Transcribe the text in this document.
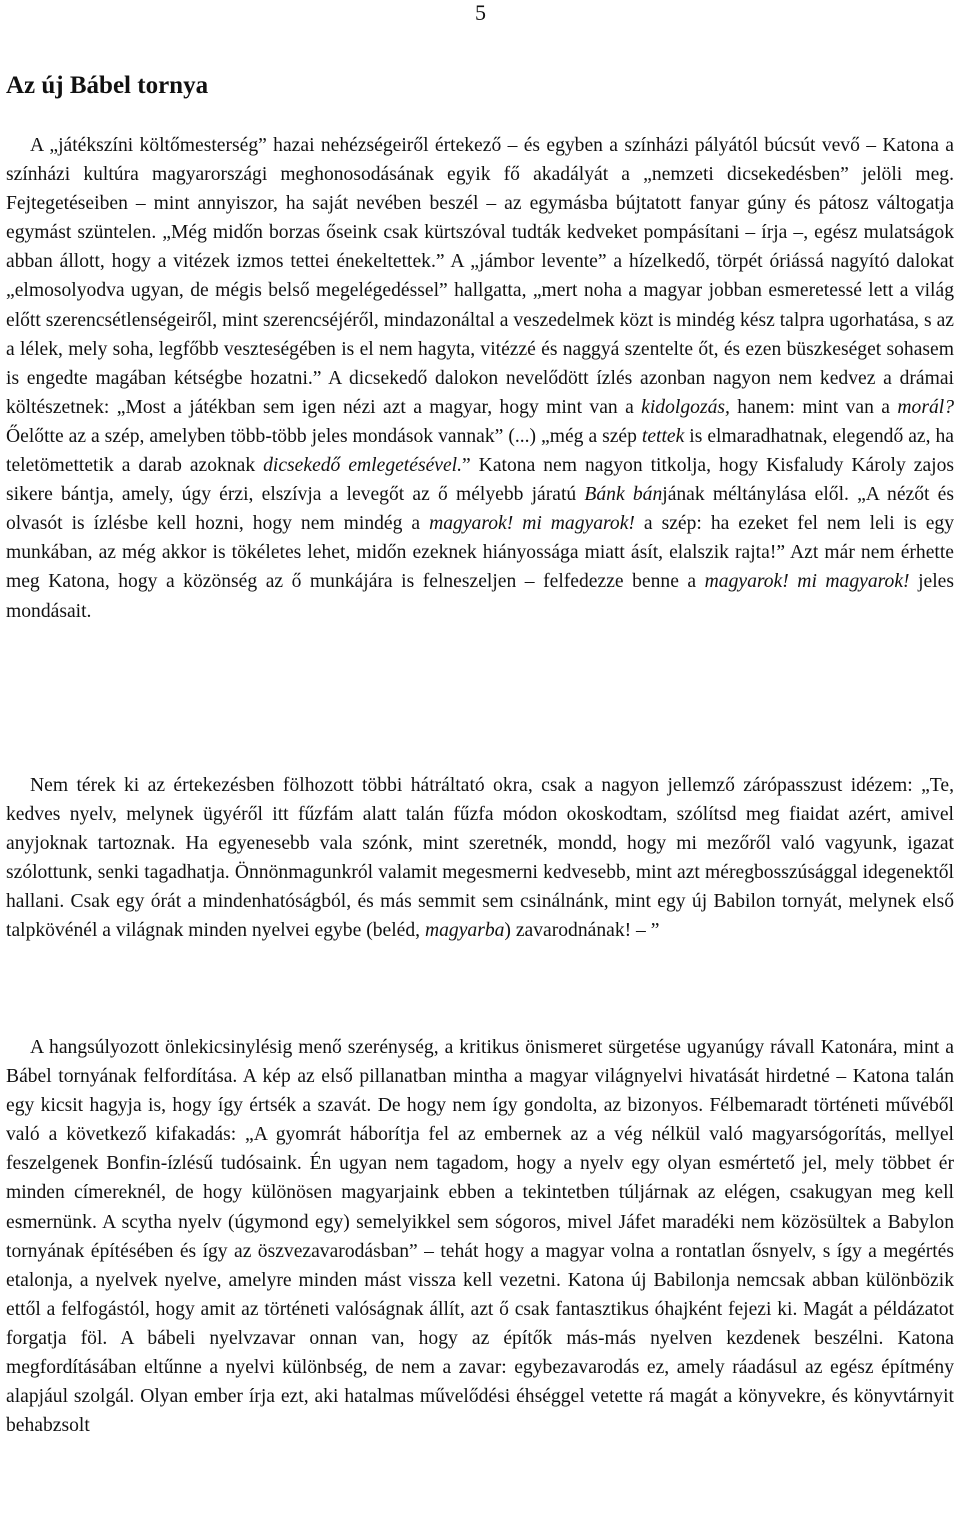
5
Az új Bábel tornya

A „játékszíni költőmesterség” hazai nehézségeiről értekező – és egyben a színházi pályától búcsút vevő – Katona a színházi kultúra magyarországi meghonosodásának egyik fő akadályát a „nemzeti dicsekedésben” jelöli meg. Fejtegetéseiben – mint annyiszor, ha saját nevében beszél – az egymásba bújtatott fanyar gúny és pátosz váltogatja egymást szüntelen. „Még midőn borzas őseink csak kürtszóval tudták kedveket pompásítani – írja –, egész mulatságok abban állott, hogy a vitézek izmos tettei énekeltettek.” A „jámbor levente” a hízelkedő, törpét óriássá nagyító dalokat „elmosolyodva ugyan, de mégis belső megelégedéssel” hallgatta, „mert noha a magyar jobban esmeretessé lett a világ előtt szerencsétlenségeiről, mint szerencséjéről, mindazonáltal a veszedelmek közt is mindég kész talpra ugorhatása, s az a lélek, mely soha, legfőbb veszteségében is el nem hagyta, vitézzé és naggyá szentelte őt, és ezen büszkeséget sohasem is engedte magában kétségbe hozatni.” A dicsekedő dalokon nevelődött ízlés azonban nagyon nem kedvez a drámai költészetnek: „Most a játékban sem igen nézi azt a magyar, hogy mint van a kidolgozás, hanem: mint van a morál? Őelőtte az a szép, amelyben több-több jeles mondások vannak” (...) „még a szép tettek is elmaradhatnak, elegendő az, ha teletömettetik a darab azoknak dicsekedő emlegetésével.” Katona nem nagyon titkolja, hogy Kisfaludy Károly zajos sikere bántja, amely, úgy érzi, elszívja a levegőt az ő mélyebb járatú Bánk bánjának méltánylása elől. „A nézőt és olvasót is ízlésbe kell hozni, hogy nem mindég a magyarok! mi magyarok! a szép: ha ezeket fel nem leli is egy munkában, az még akkor is tökéletes lehet, midőn ezeknek hiányossága miatt ásít, elalszik rajta!” Azt már nem érhette meg Katona, hogy a közönség az ő munkájára is felneszeljen – felfedezze benne a magyarok! mi magyarok! jeles mondásait.

Nem térek ki az értekezésben fölhozott többi hátráltató okra, csak a nagyon jellemző zárópasszust idézem: „Te, kedves nyelv, melynek ügyéről itt fűzfám alatt talán fűzfa módon okoskodtam, szólítsd meg fiaidat azért, amivel anyjoknak tartoznak. Ha egyenesebb vala szónk, mint szeretnék, mondd, hogy mi mezőről való vagyunk, igazat szólottunk, senki tagadhatja. Önnönmagunkról valamit megesmerni kedvesebb, mint azt méregbosszúsággal idegenektől hallani. Csak egy órát a mindenhatóságból, és más semmit sem csinálnánk, mint egy új Babilon tornyát, melynek első talpkövénél a világnak minden nyelvei egybe (beléd, magyarba) zavarodnának! – ”

A hangsúlyozott önlekicsinylésig menő szerénység, a kritikus önismeret sürgetése ugyanúgy rávall Katonára, mint a Bábel tornyának felfordítása. A kép az első pillanatban mintha a magyar világnyelvi hivatását hirdetné – Katona talán egy kicsit hagyja is, hogy így értsék a szavát. De hogy nem így gondolta, az bizonyos. Félbemaradt történeti művéből való a következő kifakadás: „A gyomrát háborítja fel az embernek az a vég nélkül való magyarsógorítás, mellyel feszelgenek Bonfin-ízlésű tudósaink. Én ugyan nem tagadom, hogy a nyelv egy olyan esmértető jel, mely többet ér minden címereknél, de hogy különösen magyarjaink ebben a tekintetben túljárnak az elégen, csakugyan meg kell esmernünk. A scytha nyelv (úgymond egy) semelyikkel sem sógoros, mivel Jáfet maradéki nem közösültek a Babylon tornyának építésében és így az öszvezavarodásban” – tehát hogy a magyar volna a rontatlan ősnyelv, s így a megértés etalonja, a nyelvek nyelve, amelyre minden mást vissza kell vezetni. Katona új Babilonja nemcsak abban különbözik ettől a felfogástól, hogy amit az történeti valóságnak állít, azt ő csak fantasztikus óhajként fejezi ki. Magát a példázatot forgatja föl. A bábeli nyelvzavar onnan van, hogy az építők más-más nyelven kezdenek beszélni. Katona megfordításában eltűnne a nyelvi különbség, de nem a zavar: egybezavarodás ez, amely ráadásul az egész építmény alapjául szolgál. Olyan ember írja ezt, aki hatalmas művelődési éhséggel vetette rá magát a könyvekre, és könyvtárnyit behabzsolt
